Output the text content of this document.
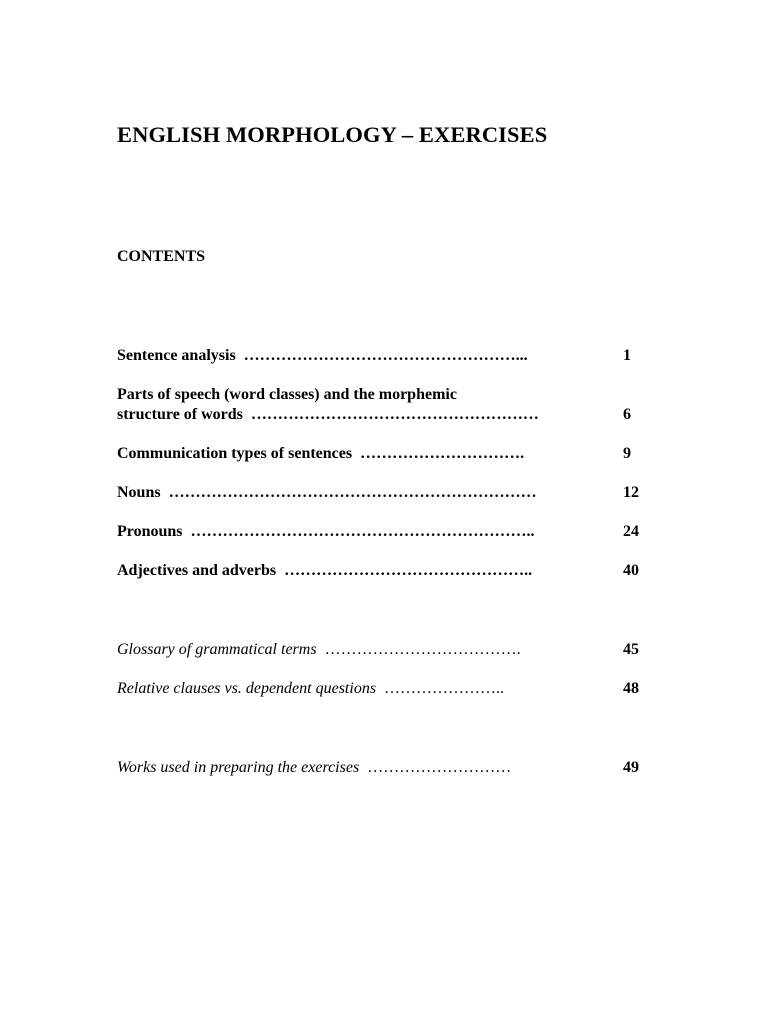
ENGLISH MORPHOLOGY – EXERCISES
CONTENTS
Sentence analysis ……………………………………………...	1
Parts of speech (word classes) and the morphemic
structure of words ………………………………………………	6
Communication types of sentences ………………………….	9
Nouns ……………………………………………………………	12
Pronouns ………………………………………………………..	24
Adjectives and adverbs ………………………………………..	40
Glossary of grammatical terms ……………………………….	45
Relative clauses vs. dependent questions …………………..	48
Works used in preparing the exercises ………………………	49
